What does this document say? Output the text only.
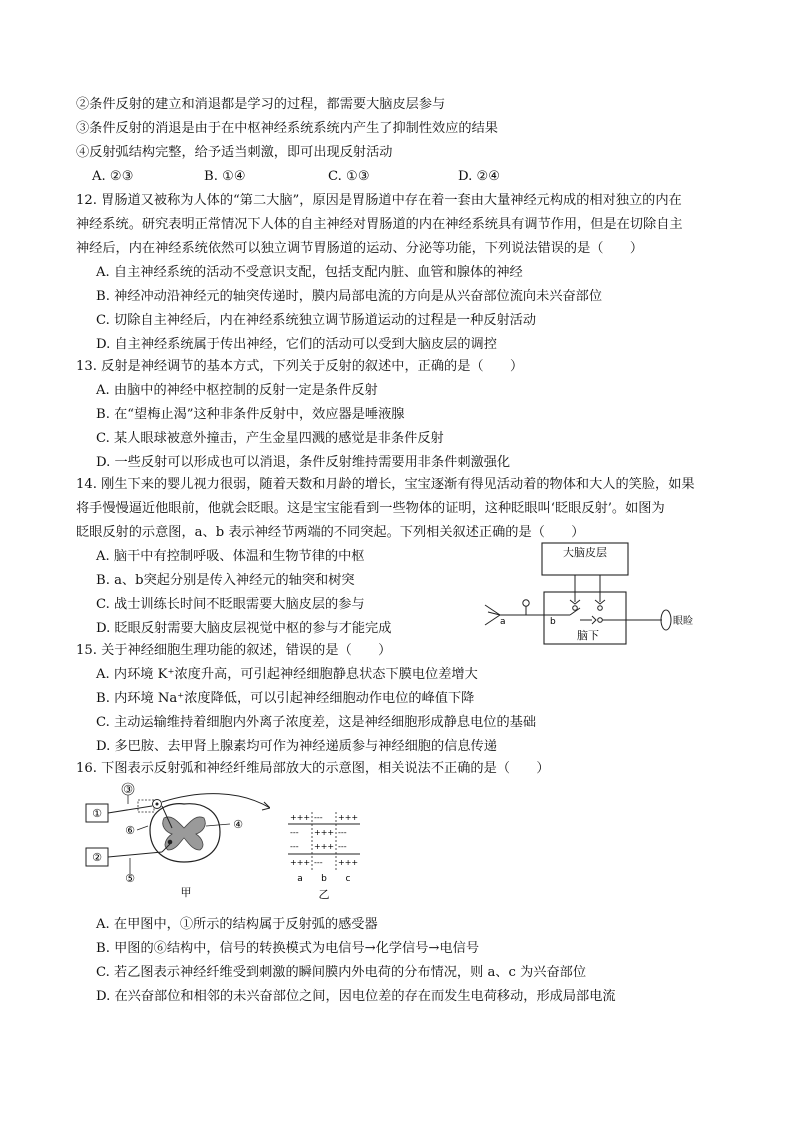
②条件反射的建立和消退都是学习的过程，都需要大脑皮层参与
③条件反射的消退是由于在中枢神经系统系统内产生了抑制性效应的结果
④反射弧结构完整，给予适当刺激，即可出现反射活动
A. ②③	B. ①④	C. ①③	D. ②④
12. 胃肠道又被称为人体的“第二大脑”，原因是胃肠道中存在着一套由大量神经元构成的相对独立的内在
神经系统。研究表明正常情况下人体的自主神经对胃肠道的内在神经系统具有调节作用，但是在切除自主
神经后，内在神经系统依然可以独立调节胃肠道的运动、分泌等功能，下列说法错误的是（　　）
A. 自主神经系统的活动不受意识支配，包括支配内脏、血管和腺体的神经
B. 神经冲动沿神经元的轴突传递时，膜内局部电流的方向是从兴奋部位流向未兴奋部位
C. 切除自主神经后，内在神经系统独立调节肠道运动的过程是一种反射活动
D. 自主神经系统属于传出神经，它们的活动可以受到大脑皮层的调控
13. 反射是神经调节的基本方式，下列关于反射的叙述中，正确的是（　　）
A. 由脑中的神经中枢控制的反射一定是条件反射
B. 在“望梅止渴”这种非条件反射中，效应器是唾液腺
C. 某人眼球被意外撞击，产生金星四溅的感觉是非条件反射
D. 一些反射可以形成也可以消退，条件反射维持需要用非条件刺激强化
14. 刚生下来的婴儿视力很弱，随着天数和月龄的增长，宝宝逐渐有得见活动着的物体和大人的笑脸，如果
将手慢慢逼近他眼前，他就会眨眼。这是宝宝能看到一些物体的证明，这种眨眼叫‘眨眼反射’。如图为
眨眼反射的示意图，a、b 表示神经节两端的不同突起。下列相关叙述正确的是（　　）
A. 脑干中有控制呼吸、体温和生物节律的中枢
B. a、b突起分别是传入神经元的轴突和树突
C. 战士训练长时间不眨眼需要大脑皮层的参与
D. 眨眼反射需要大脑皮层视觉中枢的参与才能完成
大脑皮层
脑下
a	b	眼睑
15. 关于神经细胞生理功能的叙述，错误的是（　　）
A. 内环境 K⁺浓度升高，可引起神经细胞静息状态下膜电位差增大
B. 内环境 Na⁺浓度降低，可以引起神经细胞动作电位的峰值下降
C. 主动运输维持着细胞内外离子浓度差，这是神经细胞形成静息电位的基础
D. 多巴胺、去甲肾上腺素均可作为神经递质参与神经细胞的信息传递
16. 下图表示反射弧和神经纤维局部放大的示意图，相关说法不正确的是（　　）
①
②
③
⑥	④
⑤
甲
+++ --- +++
--- +++ ---
--- +++ ---
+++ --- +++
a b c
乙
A. 在甲图中，①所示的结构属于反射弧的感受器
B. 甲图的⑥结构中，信号的转换模式为电信号→化学信号→电信号
C. 若乙图表示神经纤维受到刺激的瞬间膜内外电荷的分布情况，则 a、c 为兴奋部位
D. 在兴奋部位和相邻的未兴奋部位之间，因电位差的存在而发生电荷移动，形成局部电流
